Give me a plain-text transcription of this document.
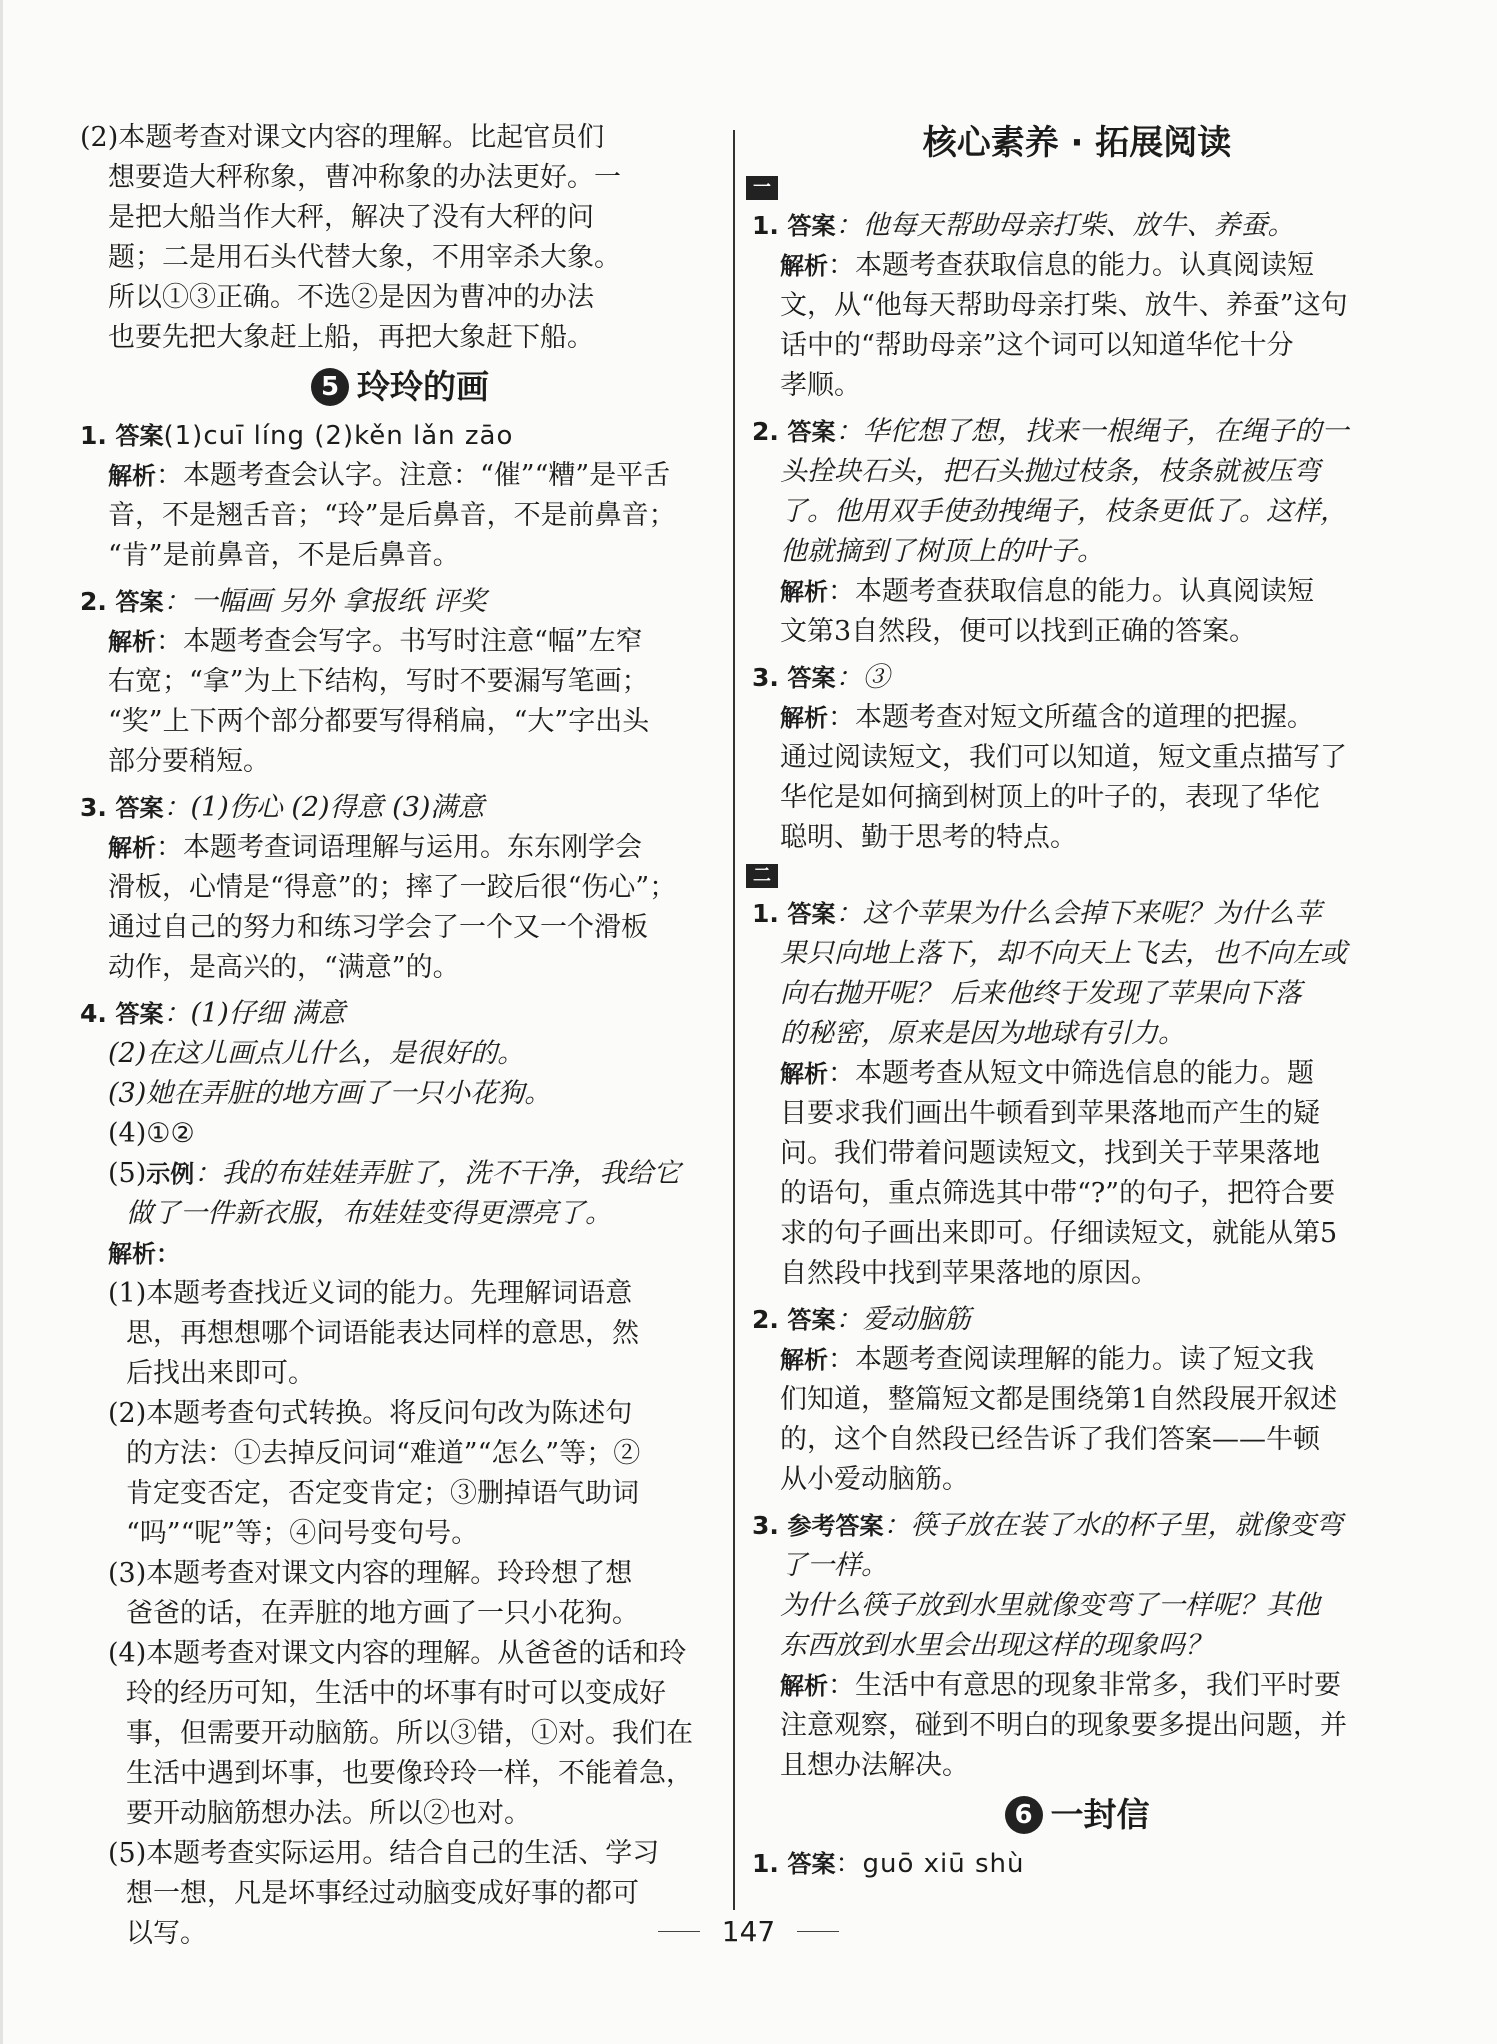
(2)本题考查对课文内容的理解。比起官员们
想要造大秤称象，曹冲称象的办法更好。一
是把大船当作大秤，解决了没有大秤的问
题；二是用石头代替大象，不用宰杀大象。
所以①③正确。不选②是因为曹冲的办法
也要先把大象赶上船，再把大象赶下船。
5 玲玲的画
1. 答案(1)cuī líng (2)kěn lǎn zāo
解析：本题考查会认字。注意：“催”“糟”是平舌
音，不是翘舌音；“玲”是后鼻音，不是前鼻音；
“肯”是前鼻音，不是后鼻音。
2. 答案：一幅画 另外 拿报纸 评奖
解析：本题考查会写字。书写时注意“幅”左窄
右宽；“拿”为上下结构，写时不要漏写笔画；
“奖”上下两个部分都要写得稍扁，“大”字出头
部分要稍短。
3. 答案：(1)伤心 (2)得意 (3)满意
解析：本题考查词语理解与运用。东东刚学会
滑板，心情是“得意”的；摔了一跤后很“伤心”；
通过自己的努力和练习学会了一个又一个滑板
动作，是高兴的，“满意”的。
4. 答案：(1)仔细 满意
(2)在这儿画点儿什么，是很好的。
(3)她在弄脏的地方画了一只小花狗。
(4)①②
(5)示例：我的布娃娃弄脏了，洗不干净，我给它
做了一件新衣服，布娃娃变得更漂亮了。
解析：
(1)本题考查找近义词的能力。先理解词语意
思，再想想哪个词语能表达同样的意思，然
后找出来即可。
(2)本题考查句式转换。将反问句改为陈述句
的方法：①去掉反问词“难道”“怎么”等；②
肯定变否定，否定变肯定；③删掉语气助词
“吗”“呢”等；④问号变句号。
(3)本题考查对课文内容的理解。玲玲想了想
爸爸的话，在弄脏的地方画了一只小花狗。
(4)本题考查对课文内容的理解。从爸爸的话和玲
玲的经历可知，生活中的坏事有时可以变成好
事，但需要开动脑筋。所以③错，①对。我们在
生活中遇到坏事，也要像玲玲一样，不能着急，
要开动脑筋想办法。所以②也对。
(5)本题考查实际运用。结合自己的生活、学习
想一想，凡是坏事经过动脑变成好事的都可
以写。
核心素养 · 拓展阅读
一
1. 答案：他每天帮助母亲打柴、放牛、养蚕。
解析：本题考查获取信息的能力。认真阅读短
文，从“他每天帮助母亲打柴、放牛、养蚕”这句
话中的“帮助母亲”这个词可以知道华佗十分
孝顺。
2. 答案：华佗想了想，找来一根绳子，在绳子的一
头拴块石头，把石头抛过枝条，枝条就被压弯
了。他用双手使劲拽绳子，枝条更低了。这样，
他就摘到了树顶上的叶子。
解析：本题考查获取信息的能力。认真阅读短
文第3自然段，便可以找到正确的答案。
3. 答案：③
解析：本题考查对短文所蕴含的道理的把握。
通过阅读短文，我们可以知道，短文重点描写了
华佗是如何摘到树顶上的叶子的，表现了华佗
聪明、勤于思考的特点。
二
1. 答案：这个苹果为什么会掉下来呢？为什么苹
果只向地上落下，却不向天上飞去，也不向左或
向右抛开呢？ 后来他终于发现了苹果向下落
的秘密，原来是因为地球有引力。
解析：本题考查从短文中筛选信息的能力。题
目要求我们画出牛顿看到苹果落地而产生的疑
问。我们带着问题读短文，找到关于苹果落地
的语句，重点筛选其中带“?”的句子，把符合要
求的句子画出来即可。仔细读短文，就能从第5
自然段中找到苹果落地的原因。
2. 答案：爱动脑筋
解析：本题考查阅读理解的能力。读了短文我
们知道，整篇短文都是围绕第1自然段展开叙述
的，这个自然段已经告诉了我们答案——牛顿
从小爱动脑筋。
3. 参考答案：筷子放在装了水的杯子里，就像变弯
了一样。
为什么筷子放到水里就像变弯了一样呢？其他
东西放到水里会出现这样的现象吗？
解析：生活中有意思的现象非常多，我们平时要
注意观察，碰到不明白的现象要多提出问题，并
且想办法解决。
6 一封信
1. 答案：guō xiū shù
147
